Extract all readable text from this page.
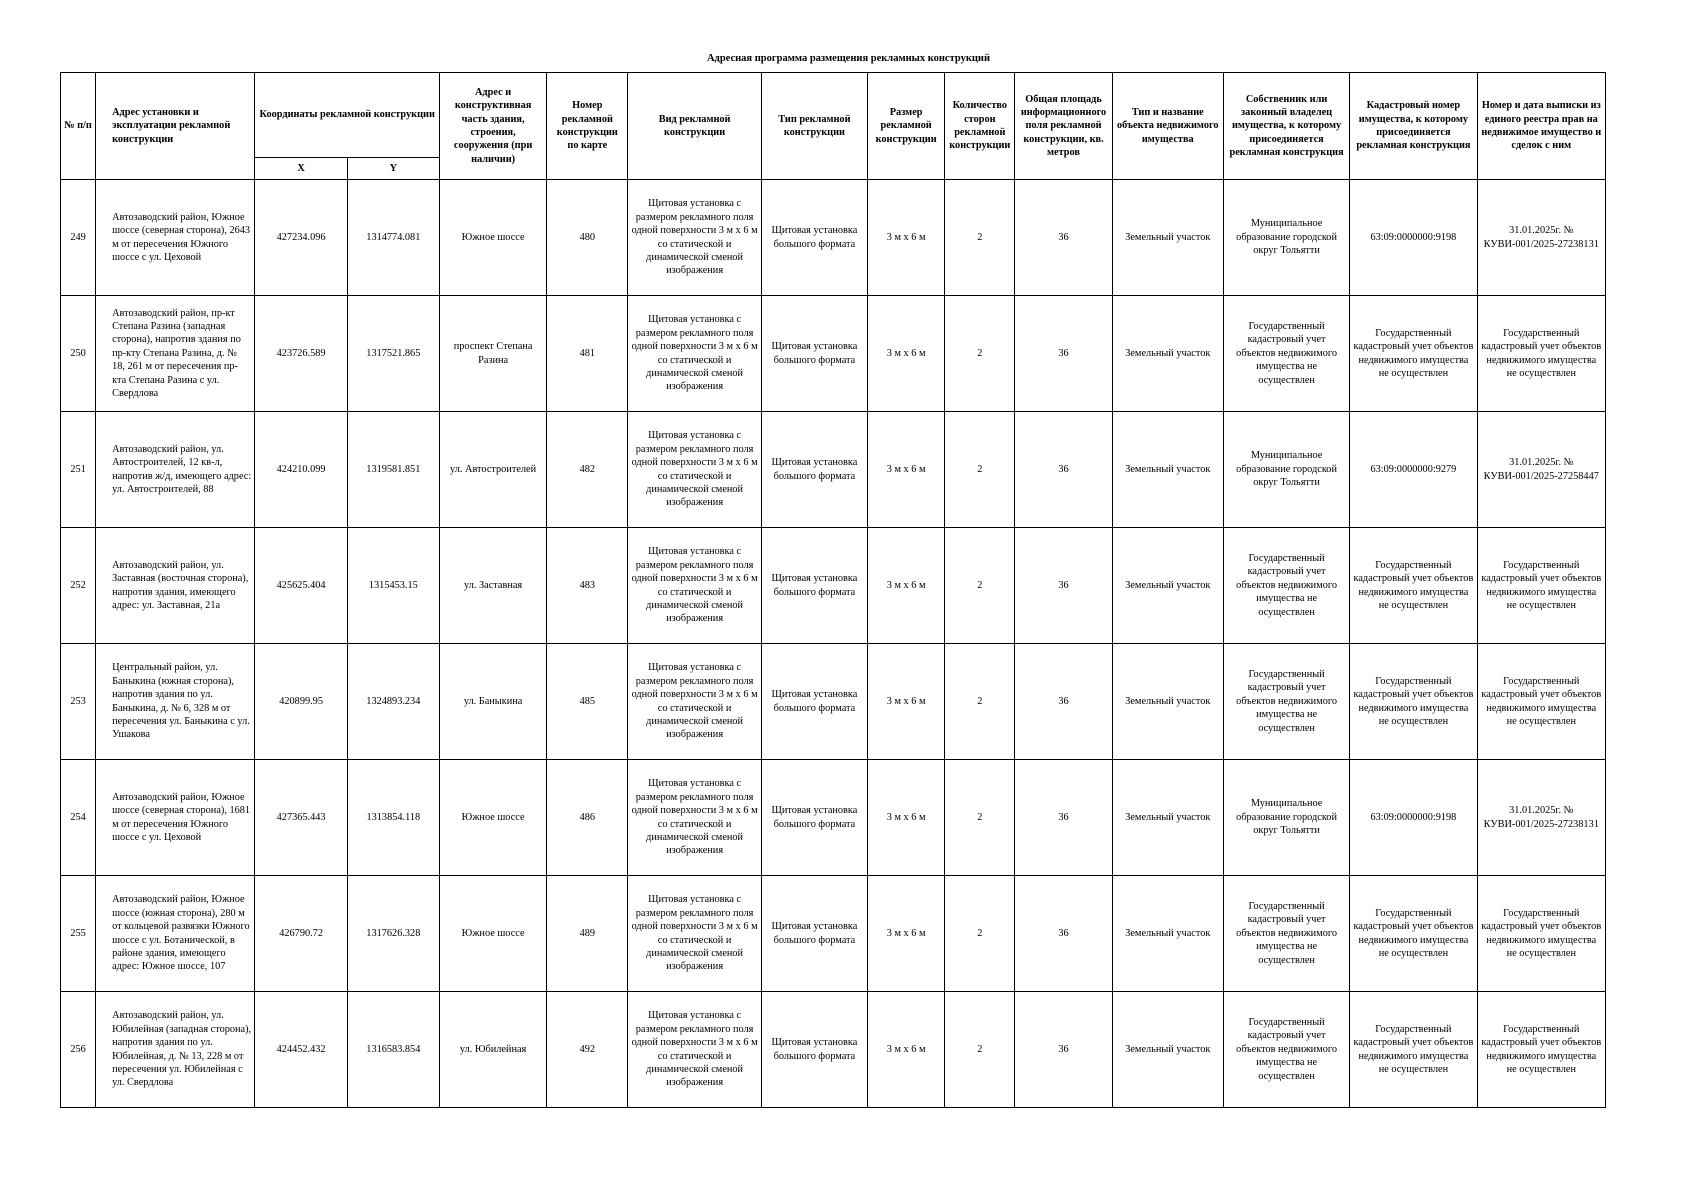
Адресная программа размещения рекламных конструкций
№ п/п	Адрес установки и эксплуатации рекламной конструкции	Координаты рекламной конструкции		Адрес и конструктивная часть здания, строения, сооружения (при наличии)	Номер рекламной конструкции по карте	Вид рекламной конструкции	Тип рекламной конструкции	Размер рекламной конструкции	Количество сторон рекламной конструкции	Общая площадь информационного поля рекламной конструкции, кв. метров	Тип и название объекта недвижимого имущества	Собственник или законный владелец имущества, к которому присоединяется рекламная конструкция	Кадастровый номер имущества, к которому присоединяется рекламная конструкция	Номер и дата выписки из единого реестра прав на недвижимое имущество и сделок с ним
		X	Y											
249	Автозаводский район, Южное шоссе (северная сторона), 2643 м от пересечения Южного шоссе с ул. Цеховой	427234.096	1314774.081	Южное шоссе	480	Щитовая установка с размером рекламного поля одной поверхности 3 м х 6 м со статической и динамической сменой изображения	Щитовая установка большого формата	3 м х 6 м	2	36	Земельный участок	Муниципальное образование городской округ Тольятти	63:09:0000000:9198	31.01.2025г. № КУВИ-001/2025-27238131
250	Автозаводский район, пр-кт Степана Разина (западная сторона), напротив здания по пр-кту Степана Разина, д. № 18, 261 м от пересечения пр-кта Степана Разина с ул. Свердлова	423726.589	1317521.865	проспект Степана Разина	481	Щитовая установка с размером рекламного поля одной поверхности 3 м х 6 м со статической и динамической сменой изображения	Щитовая установка большого формата	3 м х 6 м	2	36	Земельный участок	Государственный кадастровый учет объектов недвижимого имущества не осуществлен	Государственный кадастровый учет объектов недвижимого имущества не осуществлен	Государственный кадастровый учет объектов недвижимого имущества не осуществлен
251	Автозаводский район, ул. Автостроителей, 12 кв-л, напротив ж/д, имеющего адрес: ул. Автостроителей, 88	424210.099	1319581.851	ул. Автостроителей	482	Щитовая установка с размером рекламного поля одной поверхности 3 м х 6 м со статической и динамической сменой изображения	Щитовая установка большого формата	3 м х 6 м	2	36	Земельный участок	Муниципальное образование городской округ Тольятти	63:09:0000000:9279	31.01.2025г. № КУВИ-001/2025-27258447
252	Автозаводский район, ул. Заставная (восточная сторона), напротив здания, имеющего адрес: ул. Заставная, 21а	425625.404	1315453.15	ул. Заставная	483	Щитовая установка с размером рекламного поля одной поверхности 3 м х 6 м со статической и динамической сменой изображения	Щитовая установка большого формата	3 м х 6 м	2	36	Земельный участок	Государственный кадастровый учет объектов недвижимого имущества не осуществлен	Государственный кадастровый учет объектов недвижимого имущества не осуществлен	Государственный кадастровый учет объектов недвижимого имущества не осуществлен
253	Центральный район, ул. Баныкина (южная сторона), напротив здания по ул. Баныкина, д. № 6, 328 м от пересечения ул. Баныкина с ул. Ушакова	420899.95	1324893.234	ул. Баныкина	485	Щитовая установка с размером рекламного поля одной поверхности 3 м х 6 м со статической и динамической сменой изображения	Щитовая установка большого формата	3 м х 6 м	2	36	Земельный участок	Государственный кадастровый учет объектов недвижимого имущества не осуществлен	Государственный кадастровый учет объектов недвижимого имущества не осуществлен	Государственный кадастровый учет объектов недвижимого имущества не осуществлен
254	Автозаводский район, Южное шоссе (северная сторона), 1681 м от пересечения Южного шоссе с ул. Цеховой	427365.443	1313854.118	Южное шоссе	486	Щитовая установка с размером рекламного поля одной поверхности 3 м х 6 м со статической и динамической сменой изображения	Щитовая установка большого формата	3 м х 6 м	2	36	Земельный участок	Муниципальное образование городской округ Тольятти	63:09:0000000:9198	31.01.2025г. № КУВИ-001/2025-27238131
255	Автозаводский район, Южное шоссе (южная сторона), 280 м от кольцевой развязки Южного шоссе с ул. Ботанической, в районе здания, имеющего адрес: Южное шоссе, 107	426790.72	1317626.328	Южное шоссе	489	Щитовая установка с размером рекламного поля одной поверхности 3 м х 6 м со статической и динамической сменой изображения	Щитовая установка большого формата	3 м х 6 м	2	36	Земельный участок	Государственный кадастровый учет объектов недвижимого имущества не осуществлен	Государственный кадастровый учет объектов недвижимого имущества не осуществлен	Государственный кадастровый учет объектов недвижимого имущества не осуществлен
256	Автозаводский район, ул. Юбилейная (западная сторона), напротив здания по ул. Юбилейная, д. № 13, 228 м от пересечения ул. Юбилейная с ул. Свердлова	424452.432	1316583.854	ул. Юбилейная	492	Щитовая установка с размером рекламного поля одной поверхности 3 м х 6 м со статической и динамической сменой изображения	Щитовая установка большого формата	3 м х 6 м	2	36	Земельный участок	Государственный кадастровый учет объектов недвижимого имущества не осуществлен	Государственный кадастровый учет объектов недвижимого имущества не осуществлен	Государственный кадастровый учет объектов недвижимого имущества не осуществлен
